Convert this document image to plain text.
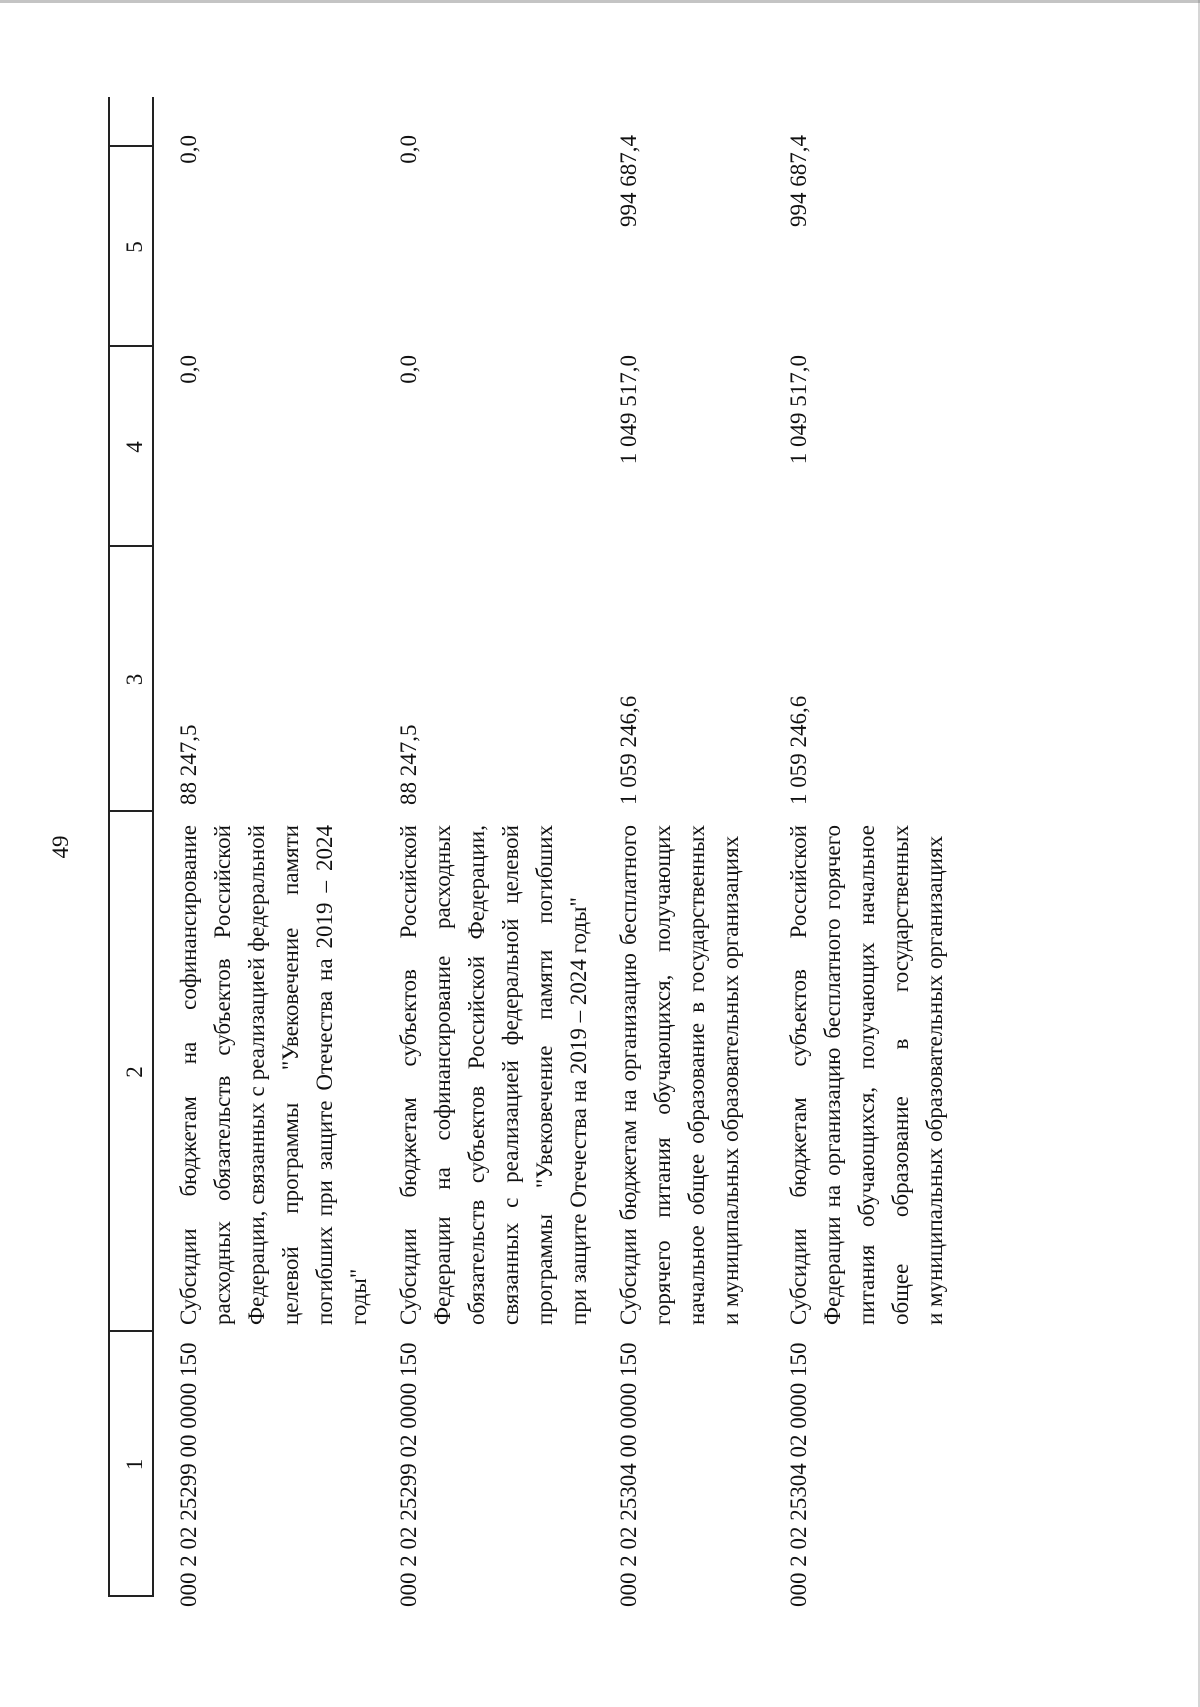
49
1
2
3
4
5
000 2 02 25299 00 0000 150
Субсидии бюджетам на софинансирование расходных обязательств субъектов Российской Федерации, связанных с реализацией федеральной целевой программы "Увековечение памяти погибших при защите Отечества на 2019 – 2024 годы"
88 247,5
0,0
0,0
000 2 02 25299 02 0000 150
Субсидии бюджетам субъектов Российской Федерации на софинансирование расходных обязательств субъектов Российской Федерации, связанных с реализацией федеральной целевой программы "Увековечение памяти погибших при защите Отечества на 2019 – 2024 годы"
88 247,5
0,0
0,0
000 2 02 25304 00 0000 150
Субсидии бюджетам на организацию бесплатного горячего питания обучающихся, получающих начальное общее образование в государственных и муниципальных образовательных организациях
1 059 246,6
1 049 517,0
994 687,4
000 2 02 25304 02 0000 150
Субсидии бюджетам субъектов Российской Федерации на организацию бесплатного горячего питания обучающихся, получающих начальное общее образование в государственных и муниципальных образовательных организациях
1 059 246,6
1 049 517,0
994 687,4
